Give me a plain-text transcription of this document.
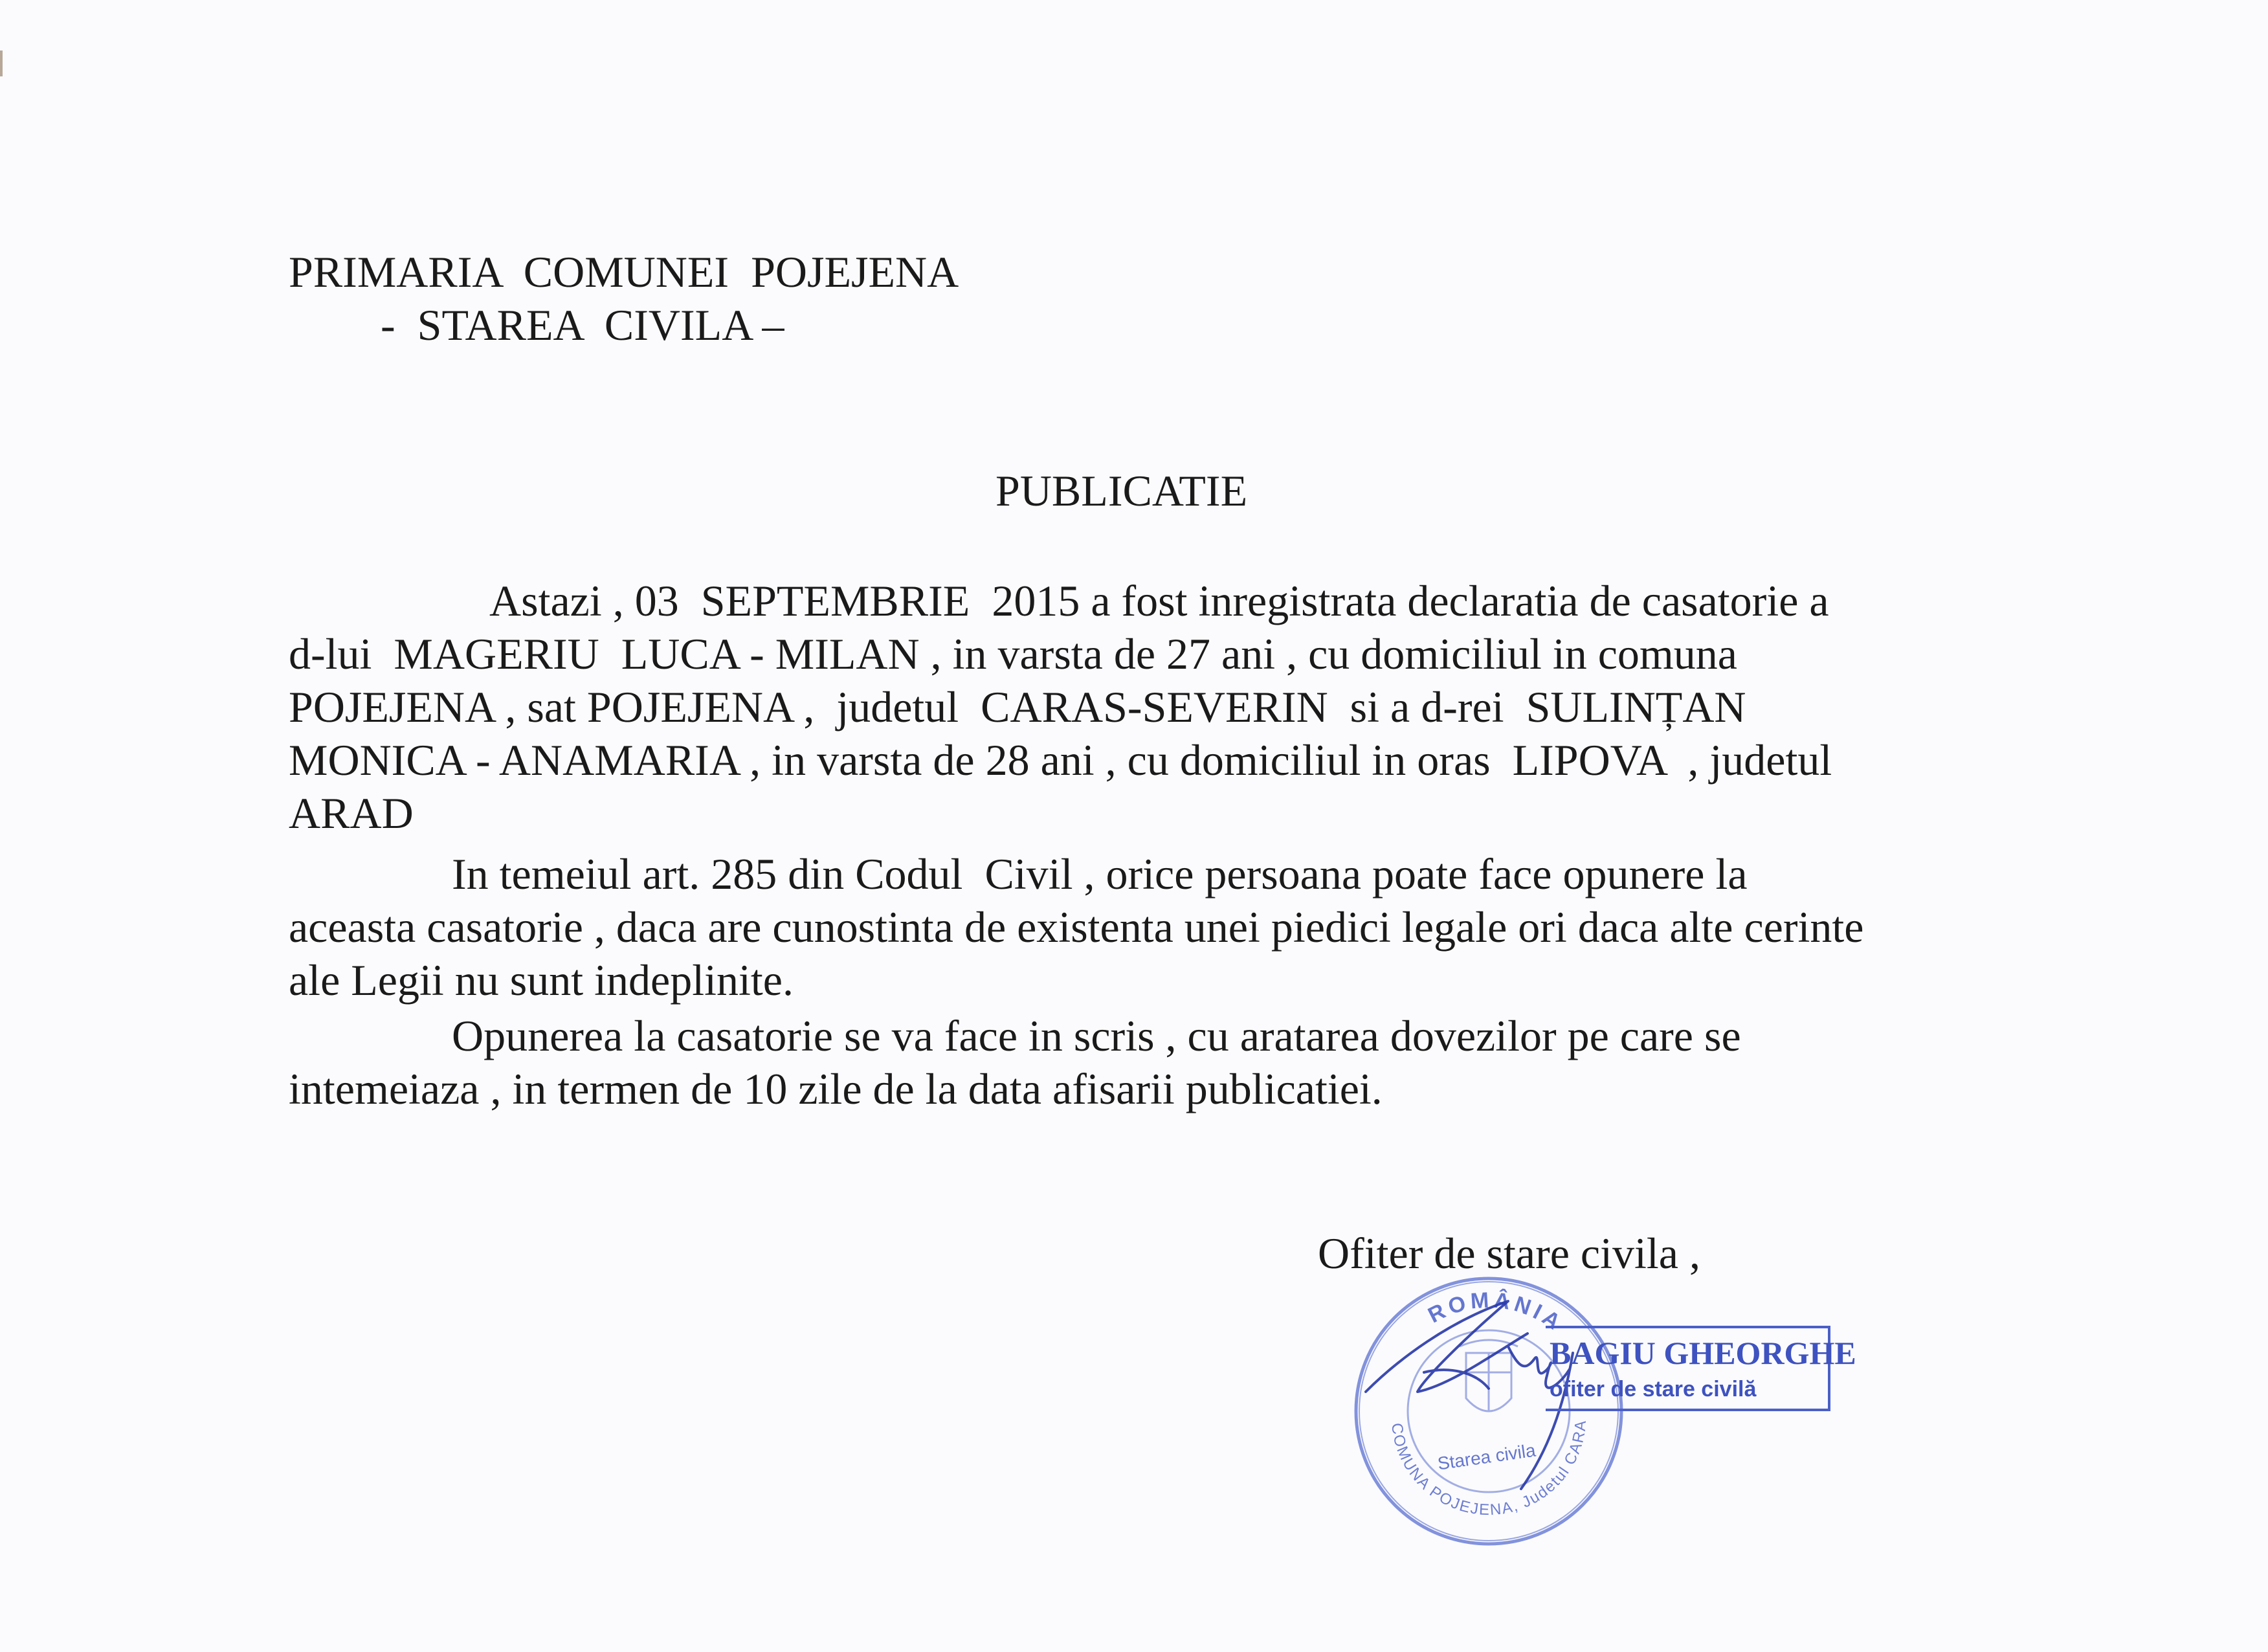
PRIMARIA  COMUNEI  POJEJENA

-  STAREA  CIVILA –

PUBLICATIE

Astazi , 03  SEPTEMBRIE  2015 a fost inregistrata declaratia de casatorie a

d-lui  MAGERIU  LUCA - MILAN , in varsta de 27 ani , cu domiciliul in comuna

POJEJENA , sat POJEJENA ,  judetul  CARAS-SEVERIN  si a d-rei  SULINȚAN

MONICA - ANAMARIA , in varsta de 28 ani , cu domiciliul in oras  LIPOVA  , judetul

ARAD

In temeiul art. 285 din Codul  Civil , orice persoana poate face opunere la

aceasta casatorie , daca are cunostinta de existenta unei piedici legale ori daca alte cerinte

ale Legii nu sunt indeplinite.

Opunerea la casatorie se va face in scris , cu aratarea dovezilor pe care se

intemeiaza , in termen de 10 zile de la data afisarii publicatiei.

Ofiter de stare civila ,

ROMÂNIA
COMUNA POJEJENA, Judetul CARA
Starea civila
BAGIU GHEORGHE
ofiter de stare civilă
